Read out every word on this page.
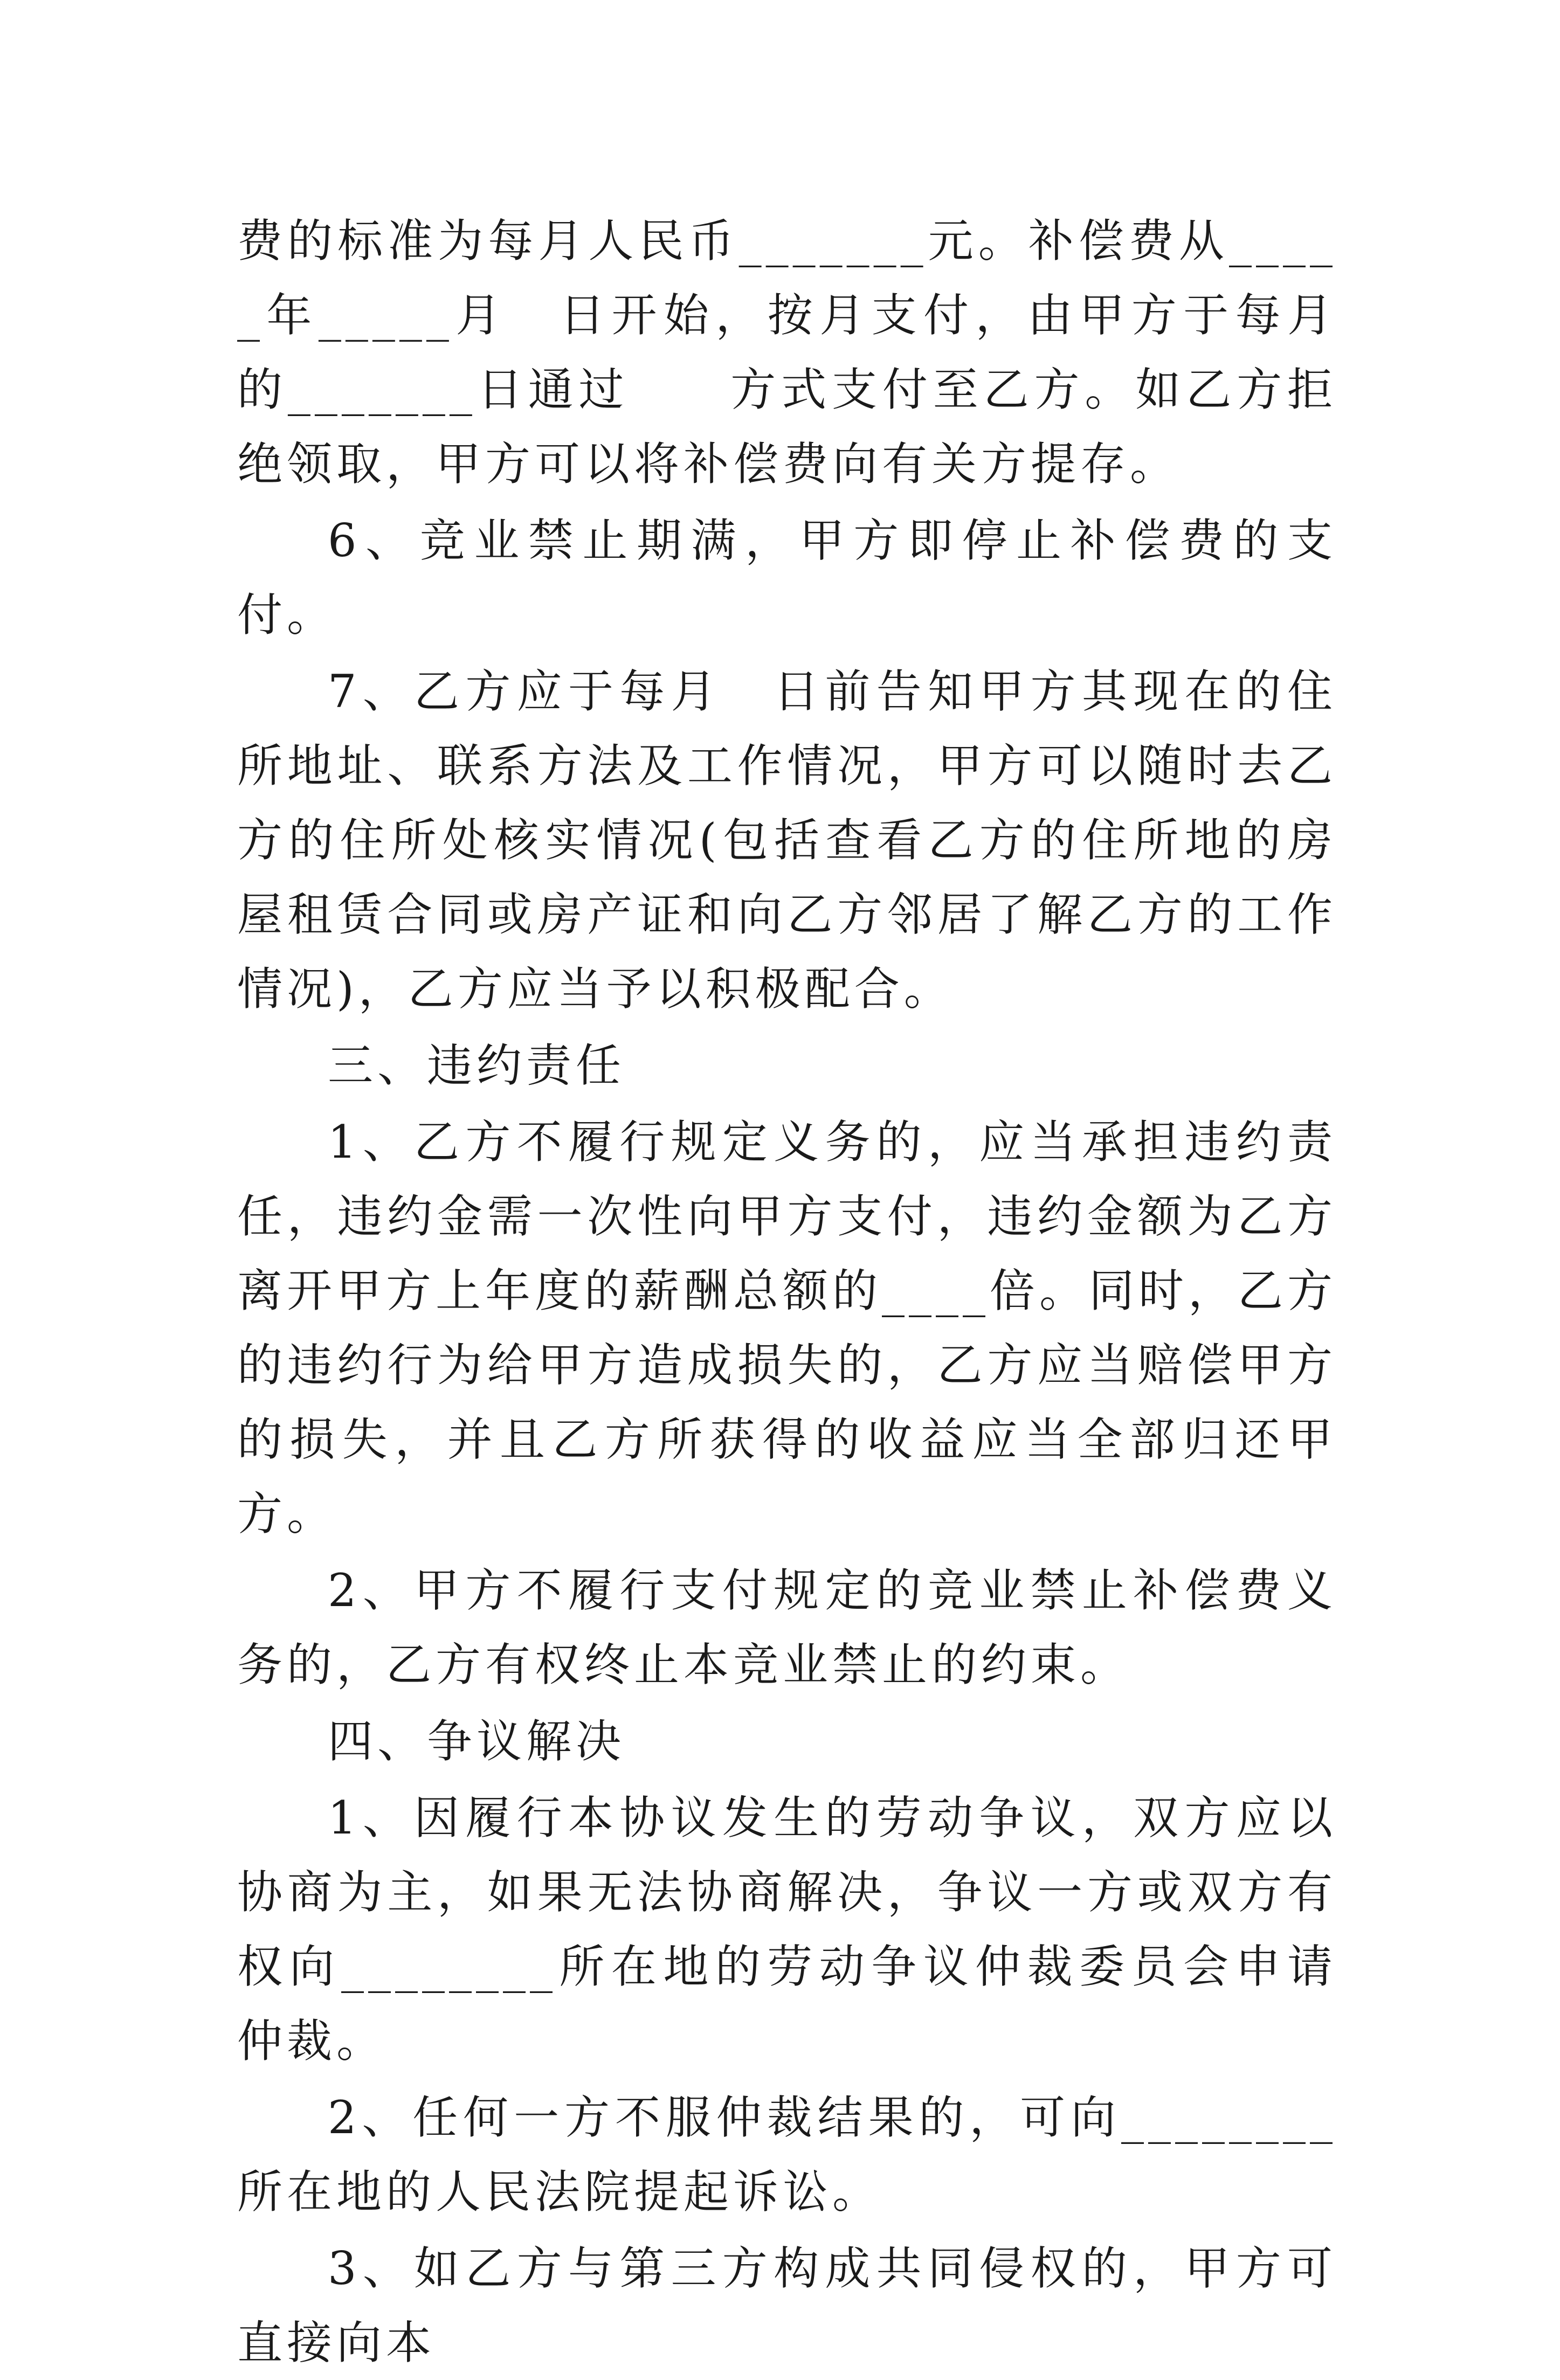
费的标准为每月人民币_______元。补偿费从_____年_____月　日开始，按月支付，由甲方于每月的_______日通过　　方式支付至乙方。如乙方拒绝领取，甲方可以将补偿费向有关方提存。

6、竞业禁止期满，甲方即停止补偿费的支付。

7、乙方应于每月　日前告知甲方其现在的住所地址、联系方法及工作情况，甲方可以随时去乙方的住所处核实情况(包括查看乙方的住所地的房屋租赁合同或房产证和向乙方邻居了解乙方的工作情况)，乙方应当予以积极配合。

三、违约责任

1、乙方不履行规定义务的，应当承担违约责任，违约金需一次性向甲方支付，违约金额为乙方离开甲方上年度的薪酬总额的____倍。同时，乙方的违约行为给甲方造成损失的，乙方应当赔偿甲方的损失，并且乙方所获得的收益应当全部归还甲方。

2、甲方不履行支付规定的竞业禁止补偿费义务的，乙方有权终止本竞业禁止的约束。

四、争议解决

1、因履行本协议发生的劳动争议，双方应以协商为主，如果无法协商解决，争议一方或双方有权向________所在地的劳动争议仲裁委员会申请仲裁。

2、任何一方不服仲裁结果的，可向________所在地的人民法院提起诉讼。

3、如乙方与第三方构成共同侵权的，甲方可直接向本
